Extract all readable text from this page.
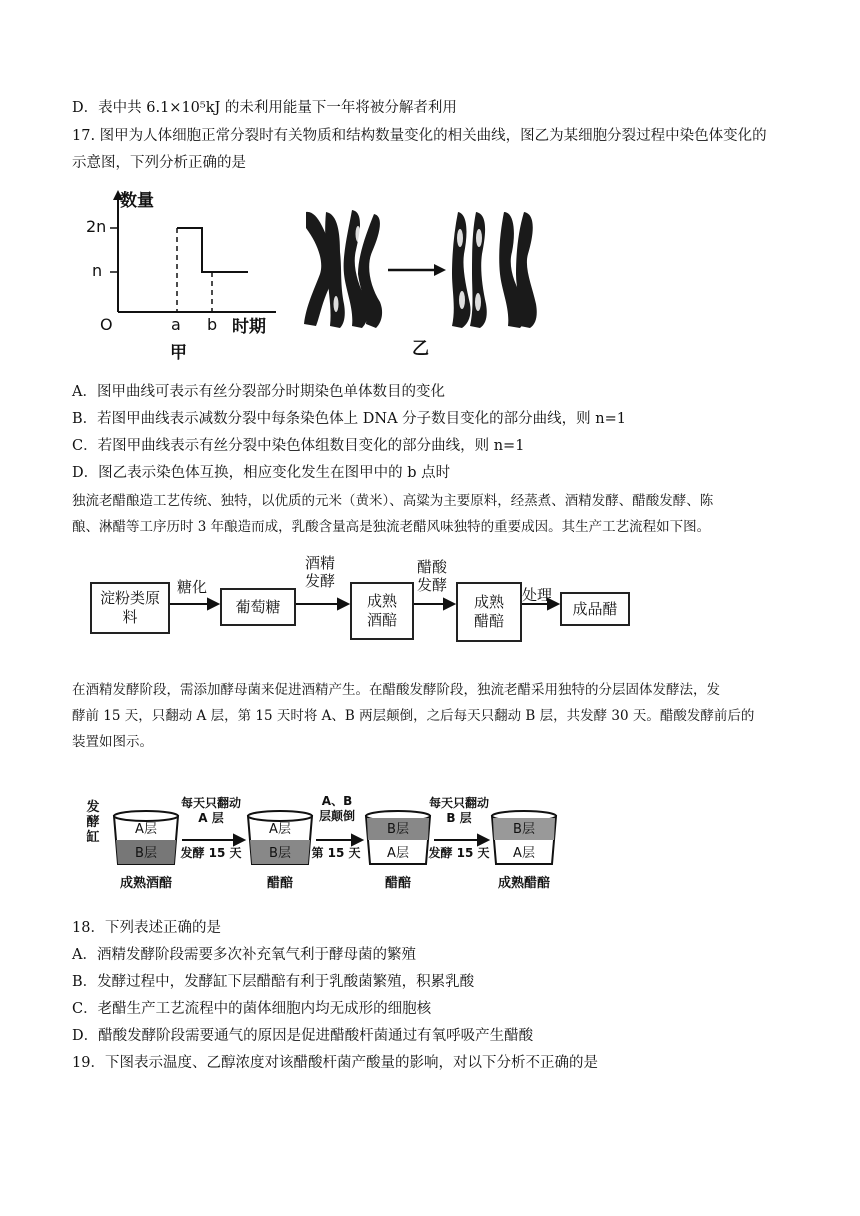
D．表中共 6.1×10⁵kJ 的未利用能量下一年将被分解者利用
17. 图甲为人体细胞正常分裂时有关物质和结构数量变化的相关曲线，图乙为某细胞分裂过程中染色体变化的
示意图，下列分析正确的是
数量
2n
n
O	a b 时期
甲	乙
A．图甲曲线可表示有丝分裂部分时期染色单体数目的变化
B．若图甲曲线表示减数分裂中每条染色体上 DNA 分子数目变化的部分曲线，则 n=1
C．若图甲曲线表示有丝分裂中染色体组数目变化的部分曲线，则 n=1
D．图乙表示染色体互换，相应变化发生在图甲中的 b 点时
独流老醋酿造工艺传统、独特，以优质的元米（黄米）、高粱为主要原料，经蒸煮、酒精发酵、醋酸发酵、陈
酿、淋醋等工序历时 3 年酿造而成，乳酸含量高是独流老醋风味独特的重要成因。其生产工艺流程如下图。
淀粉类原料
糖化
葡萄糖
酒精发酵
成熟酒醅
醋酸发酵
成熟醋醅
处理
成品醋
在酒精发酵阶段，需添加酵母菌来促进酒精产生。在醋酸发酵阶段，独流老醋采用独特的分层固体发酵法，发
酵前 15 天，只翻动 A 层，第 15 天时将 A、B 两层颠倒，之后每天只翻动 B 层，共发酵 30 天。醋酸发酵前后的
装置如图示。
发酵缸
A层
B层
每天只翻动 A 层
发酵 15 天
A层
B层
A、B 层颠倒
第 15 天
B层
A层
每天只翻动 B 层
发酵 15 天
B层
A层
成熟酒醅	醋醅	醋醅	成熟醋醅
18．下列表述正确的是
A．酒精发酵阶段需要多次补充氧气利于酵母菌的繁殖
B．发酵过程中，发酵缸下层醋醅有利于乳酸菌繁殖，积累乳酸
C．老醋生产工艺流程中的菌体细胞内均无成形的细胞核
D．醋酸发酵阶段需要通气的原因是促进醋酸杆菌通过有氧呼吸产生醋酸
19．下图表示温度、乙醇浓度对该醋酸杆菌产酸量的影响，对以下分析不正确的是
